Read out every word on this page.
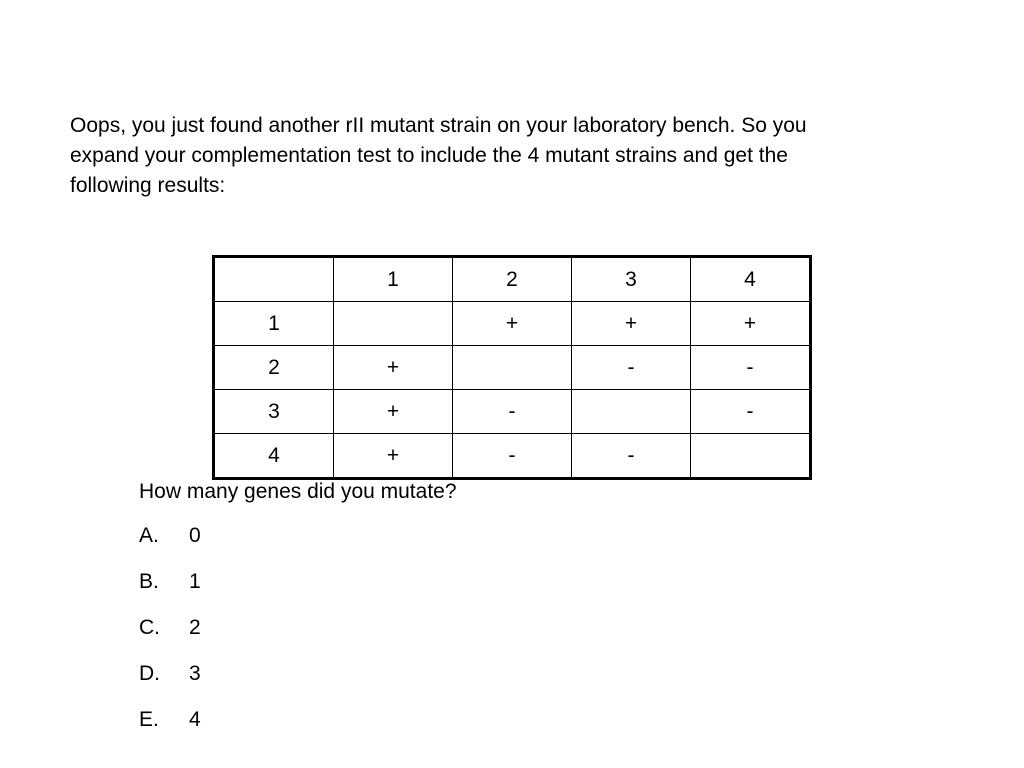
Oops, you just found another rII mutant strain on your laboratory bench. So you
expand your complementation test to include the 4 mutant strains and get the
following results:

	1	2	3	4
1		+	+	+
2	+		-	-
3	+	-		-
4	+	-	-	

How many genes did you mutate?

A.	0
B.	1
C.	2
D.	3
E.	4
